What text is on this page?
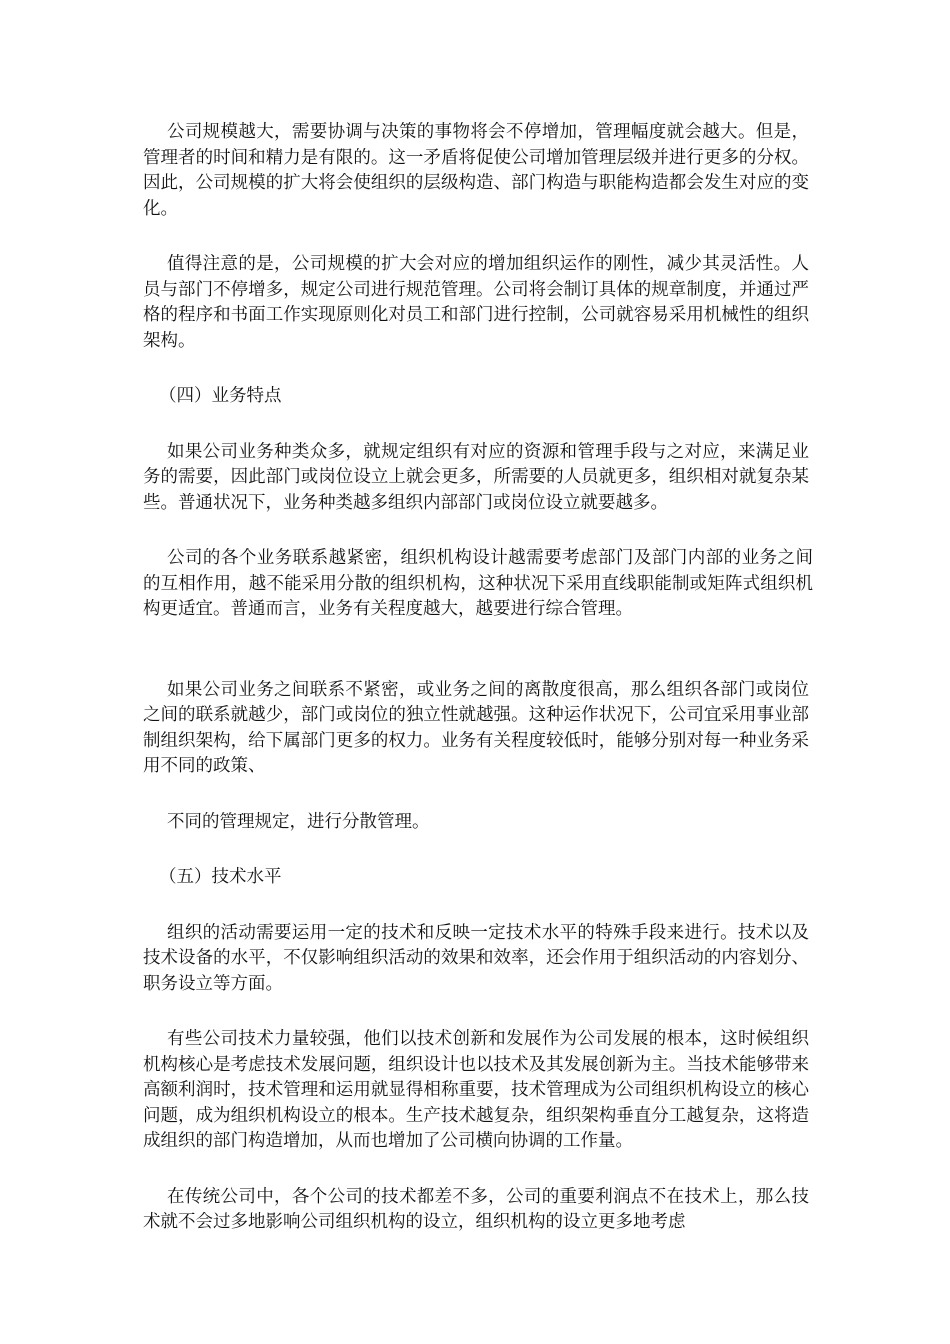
公司规模越大，需要协调与决策的事物将会不停增加，管理幅度就会越大。但是，管理者的时间和精力是有限的。这一矛盾将促使公司增加管理层级并进行更多的分权。因此，公司规模的扩大将会使组织的层级构造、部门构造与职能构造都会发生对应的变化。

值得注意的是，公司规模的扩大会对应的增加组织运作的刚性，减少其灵活性。人员与部门不停增多，规定公司进行规范管理。公司将会制订具体的规章制度，并通过严格的程序和书面工作实现原则化对员工和部门进行控制，公司就容易采用机械性的组织架构。

（四）业务特点

如果公司业务种类众多，就规定组织有对应的资源和管理手段与之对应，来满足业务的需要，因此部门或岗位设立上就会更多，所需要的人员就更多，组织相对就复杂某些。普通状况下，业务种类越多组织内部部门或岗位设立就要越多。

公司的各个业务联系越紧密，组织机构设计越需要考虑部门及部门内部的业务之间的互相作用，越不能采用分散的组织机构，这种状况下采用直线职能制或矩阵式组织机构更适宜。普通而言，业务有关程度越大，越要进行综合管理。

如果公司业务之间联系不紧密，或业务之间的离散度很高，那么组织各部门或岗位之间的联系就越少，部门或岗位的独立性就越强。这种运作状况下，公司宜采用事业部制组织架构，给下属部门更多的权力。业务有关程度较低时，能够分别对每一种业务采用不同的政策、

不同的管理规定，进行分散管理。

（五）技术水平

组织的活动需要运用一定的技术和反映一定技术水平的特殊手段来进行。技术以及技术设备的水平，不仅影响组织活动的效果和效率，还会作用于组织活动的内容划分、职务设立等方面。

有些公司技术力量较强，他们以技术创新和发展作为公司发展的根本，这时候组织机构核心是考虑技术发展问题，组织设计也以技术及其发展创新为主。当技术能够带来高额利润时，技术管理和运用就显得相称重要，技术管理成为公司组织机构设立的核心问题，成为组织机构设立的根本。生产技术越复杂，组织架构垂直分工越复杂，这将造成组织的部门构造增加，从而也增加了公司横向协调的工作量。

在传统公司中，各个公司的技术都差不多，公司的重要利润点不在技术上，那么技术就不会过多地影响公司组织机构的设立，组织机构的设立更多地考虑
